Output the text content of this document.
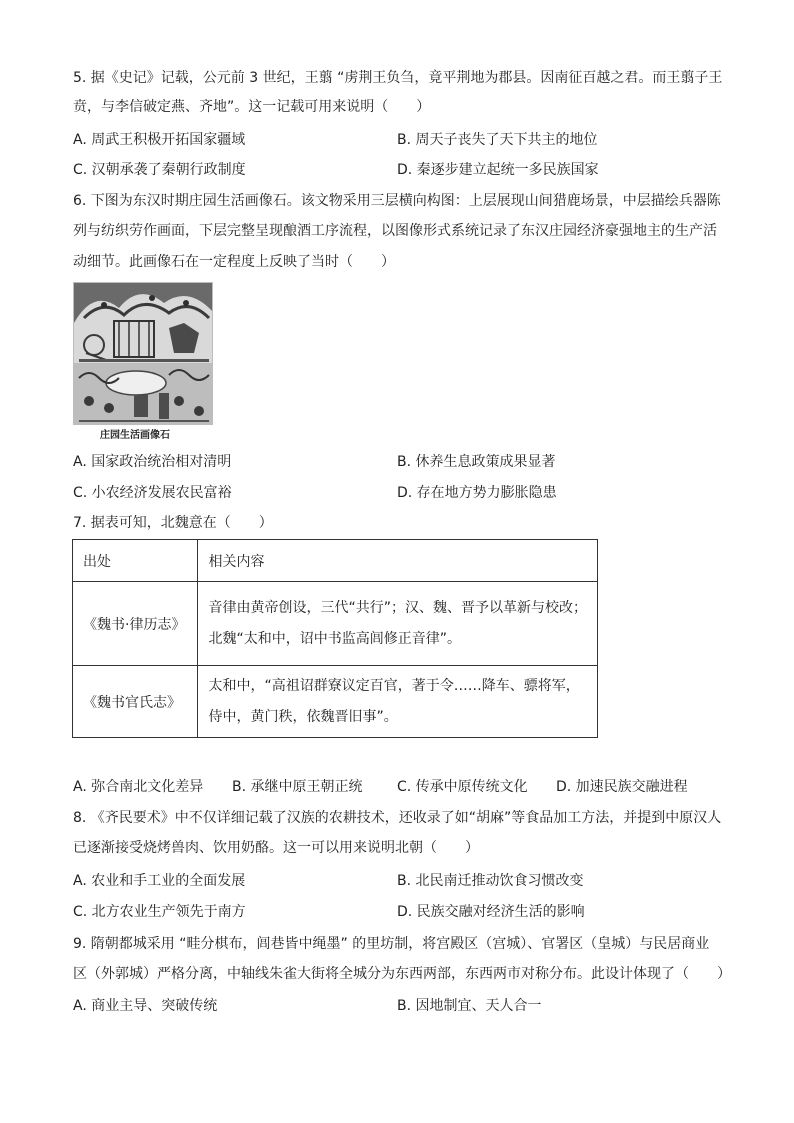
5. 据《史记》记载，公元前 3 世纪，王翦 “虏荆王负刍，竟平荆地为郡县。因南征百越之君。而王翦子王
贲，与李信破定燕、齐地”。这一记载可用来说明（　　）
A. 周武王积极开拓国家疆域	B. 周天子丧失了天下共主的地位
C. 汉朝承袭了秦朝行政制度	D. 秦逐步建立起统一多民族国家
6. 下图为东汉时期庄园生活画像石。该文物采用三层横向构图：上层展现山间猎鹿场景，中层描绘兵器陈
列与纺织劳作画面，下层完整呈现酿酒工序流程，以图像形式系统记录了东汉庄园经济豪强地主的生产活
动细节。此画像石在一定程度上反映了当时（　　）
庄园生活画像石
A. 国家政治统治相对清明	B. 休养生息政策成果显著
C. 小农经济发展农民富裕	D. 存在地方势力膨胀隐患
7. 据表可知，北魏意在（　　）
出处	相关内容
《魏书·律历志》	音律由黄帝创设，三代“共行”；汉、魏、晋予以革新与校改；
北魏“太和中，诏中书监高闾修正音律”。

《魏书官氏志》	太和中，“高祖诏群寮议定百官，著于令……降车、骠将军，
侍中，黄门秩，依魏晋旧事”。
A. 弥合南北文化差异 B. 承继中原王朝正统 C. 传承中原传统文化 D. 加速民族交融进程
8. 《齐民要术》中不仅详细记载了汉族的农耕技术，还收录了如“胡麻”等食品加工方法，并提到中原汉人
已逐渐接受烧烤兽肉、饮用奶酪。这一可以用来说明北朝（　　）
A. 农业和手工业的全面发展	B. 北民南迁推动饮食习惯改变
C. 北方农业生产领先于南方	D. 民族交融对经济生活的影响
9. 隋朝都城采用 “畦分棋布，闾巷皆中绳墨” 的里坊制，将宫殿区（宫城）、官署区（皇城）与民居商业
区（外郭城）严格分离，中轴线朱雀大街将全城分为东西两部，东西两市对称分布。此设计体现了（　　）
A. 商业主导、突破传统	B. 因地制宜、天人合一
